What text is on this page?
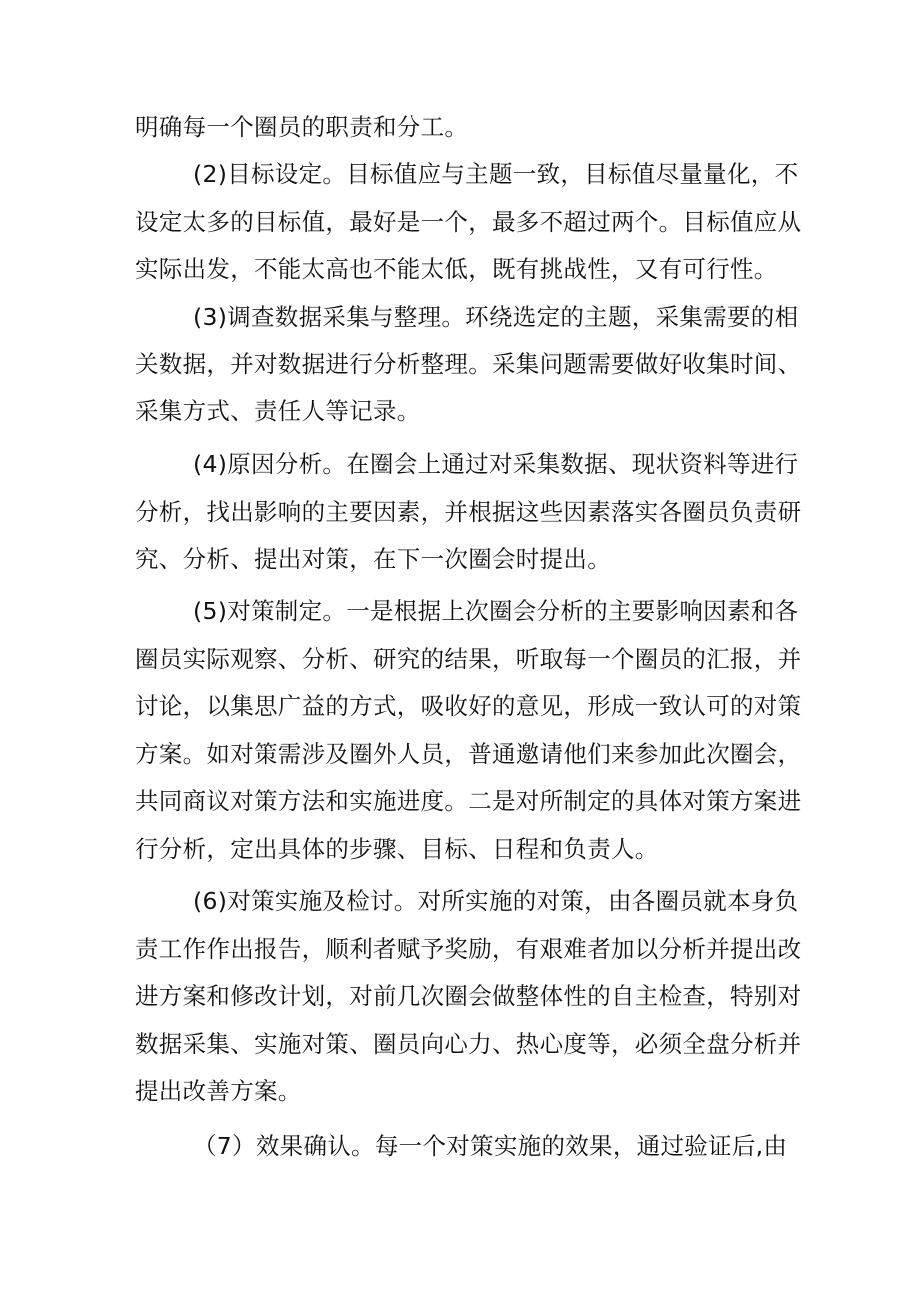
明确每一个圈员的职责和分工。

(2)目标设定。目标值应与主题一致，目标值尽量量化，不

设定太多的目标值，最好是一个，最多不超过两个。目标值应从

实际出发，不能太高也不能太低，既有挑战性，又有可行性。

(3)调查数据采集与整理。环绕选定的主题，采集需要的相

关数据，并对数据进行分析整理。采集问题需要做好收集时间、

采集方式、责任人等记录。

(4)原因分析。在圈会上通过对采集数据、现状资料等进行

分析，找出影响的主要因素，并根据这些因素落实各圈员负责研

究、分析、提出对策，在下一次圈会时提出。

(5)对策制定。一是根据上次圈会分析的主要影响因素和各

圈员实际观察、分析、研究的结果，听取每一个圈员的汇报，并

讨论，以集思广益的方式，吸收好的意见，形成一致认可的对策

方案。如对策需涉及圈外人员，普通邀请他们来参加此次圈会，

共同商议对策方法和实施进度。二是对所制定的具体对策方案进

行分析，定出具体的步骤、目标、日程和负责人。

(6)对策实施及检讨。对所实施的对策，由各圈员就本身负

责工作作出报告，顺利者赋予奖励，有艰难者加以分析并提出改

进方案和修改计划，对前几次圈会做整体性的自主检查，特别对

数据采集、实施对策、圈员向心力、热心度等，必须全盘分析并

提出改善方案。

（7）效果确认。每一个对策实施的效果，通过验证后,由
